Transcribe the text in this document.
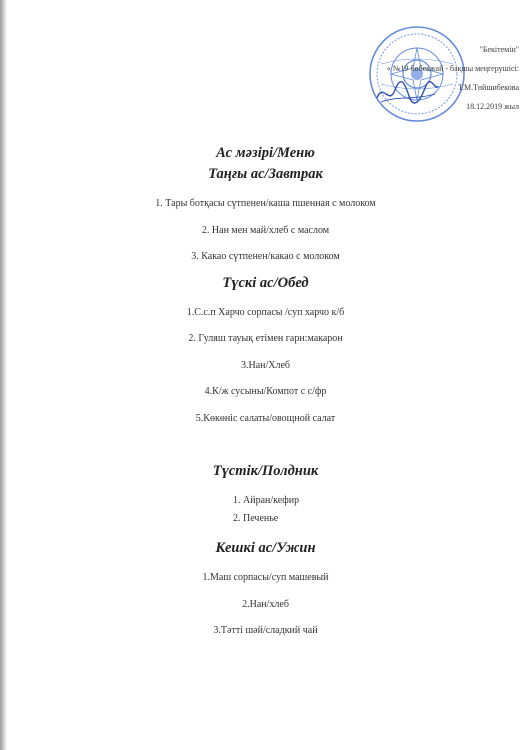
"Бекітемін"
« №19 бөбекжай - бақшы меңгерушісі:
Т.М.Төйшибекова
18.12.2019 жыл
Ас мәзірі/Меню
Таңғы ас/Завтрак
1. Тары ботқасы сүтпенен/каша пшенная с молоком
2. Нан мен май/хлеб с маслом
3. Какао сүтпенен/какао с молоком
Түскі ас/Обед
1.С.с.п Харчо сорпасы /суп харчо к/б
2. Гуляш тауық етімен гарн:макарон
3.Нан/Хлеб
4.К/ж сусыны/Компот с с/фр
5.Көкөніс салаты/овощной салат
Түстік/Полдник
1. Айран/кефир
2. Печенье
Кешкі ас/Ужин
1.Маш сорпасы/суп машевый
2.Нан/хлеб
3.Тәтті шәй/сладкий чай
